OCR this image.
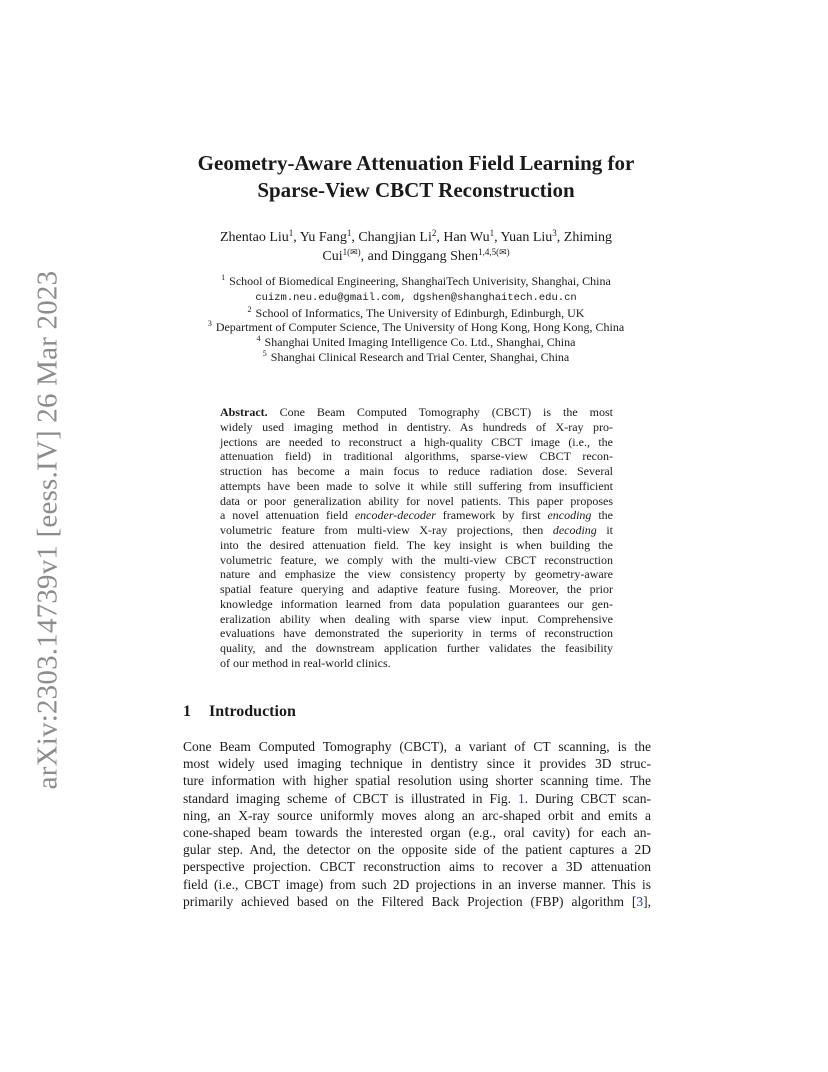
arXiv:2303.14739v1 [eess.IV] 26 Mar 2023
Geometry-Aware Attenuation Field Learning for
Sparse-View CBCT Reconstruction
Zhentao Liu$^1$, Yu Fang$^1$, Changjian Li$^2$, Han Wu$^1$, Yuan Liu$^3$, Zhiming
Cui$^{1(✉)}$, and Dinggang Shen$^{1,4,5(✉)}$
$^1$ School of Biomedical Engineering, ShanghaiTech Univerisity, Shanghai, China
cuizm.neu.edu@gmail.com, dgshen@shanghaitech.edu.cn
$^2$ School of Informatics, The University of Edinburgh, Edinburgh, UK
$^3$ Department of Computer Science, The University of Hong Kong, Hong Kong, China
$^4$ Shanghai United Imaging Intelligence Co. Ltd., Shanghai, China
$^5$ Shanghai Clinical Research and Trial Center, Shanghai, China
Abstract. Cone Beam Computed Tomography (CBCT) is the most
widely used imaging method in dentistry. As hundreds of X-ray pro-
jections are needed to reconstruct a high-quality CBCT image (i.e., the
attenuation field) in traditional algorithms, sparse-view CBCT recon-
struction has become a main focus to reduce radiation dose. Several
attempts have been made to solve it while still suffering from insufficient
data or poor generalization ability for novel patients. This paper proposes
a novel attenuation field encoder-decoder framework by first encoding the
volumetric feature from multi-view X-ray projections, then decoding it
into the desired attenuation field. The key insight is when building the
volumetric feature, we comply with the multi-view CBCT reconstruction
nature and emphasize the view consistency property by geometry-aware
spatial feature querying and adaptive feature fusing. Moreover, the prior
knowledge information learned from data population guarantees our gen-
eralization ability when dealing with sparse view input. Comprehensive
evaluations have demonstrated the superiority in terms of reconstruction
quality, and the downstream application further validates the feasibility
of our method in real-world clinics.
1 Introduction
Cone Beam Computed Tomography (CBCT), a variant of CT scanning, is the
most widely used imaging technique in dentistry since it provides 3D struc-
ture information with higher spatial resolution using shorter scanning time. The
standard imaging scheme of CBCT is illustrated in Fig. 1. During CBCT scan-
ning, an X-ray source uniformly moves along an arc-shaped orbit and emits a
cone-shaped beam towards the interested organ (e.g., oral cavity) for each an-
gular step. And, the detector on the opposite side of the patient captures a 2D
perspective projection. CBCT reconstruction aims to recover a 3D attenuation
field (i.e., CBCT image) from such 2D projections in an inverse manner. This is
primarily achieved based on the Filtered Back Projection (FBP) algorithm [3],
